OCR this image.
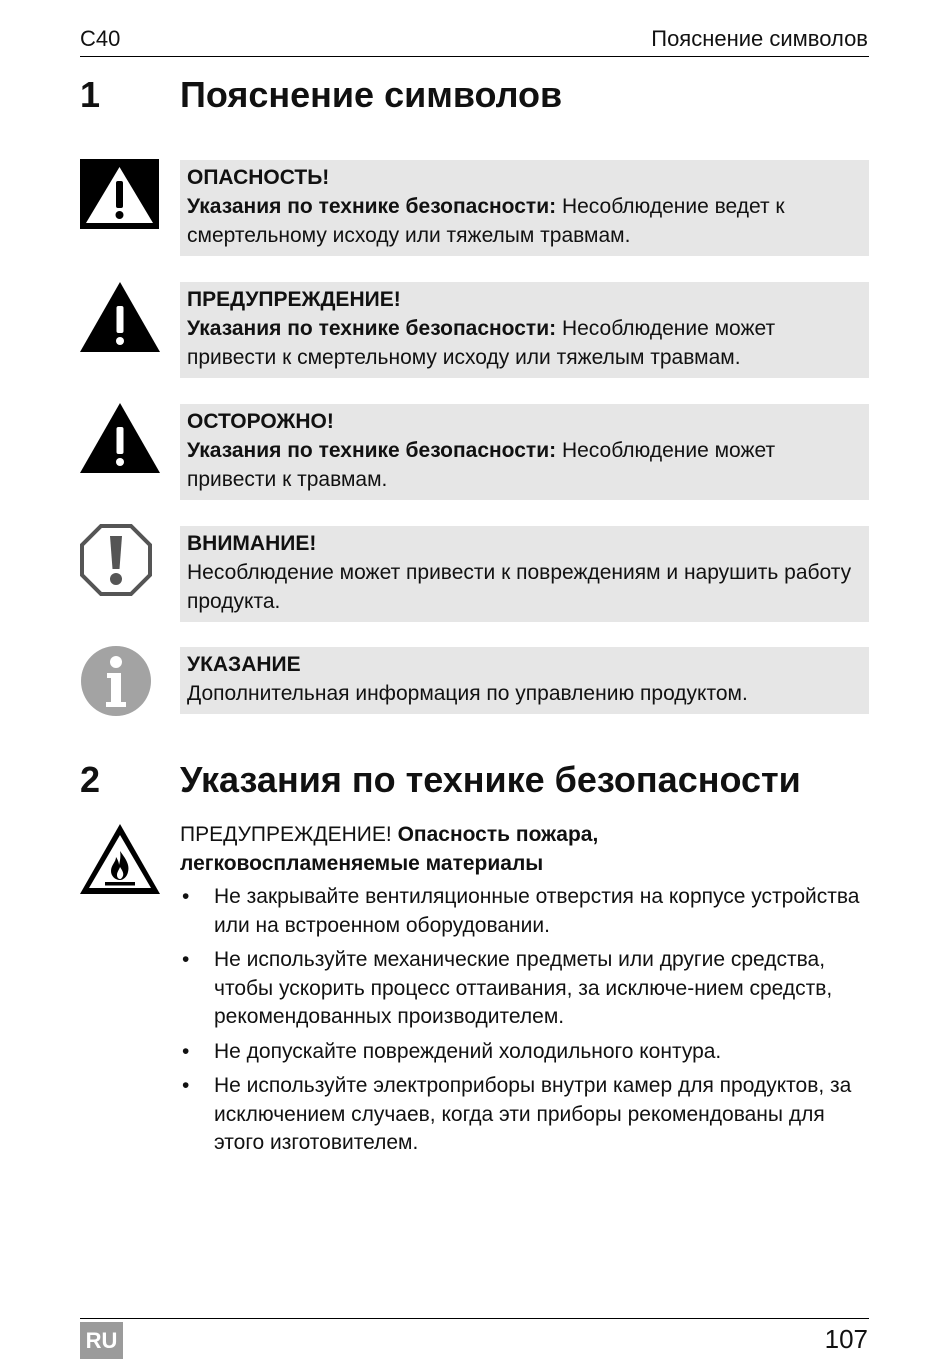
C40	Пояснение символов
1 Пояснение символов
ОПАСНОСТЬ!
Указания по технике безопасности: Несоблюдение ведет к смертельному исходу или тяжелым травмам.
ПРЕДУПРЕЖДЕНИЕ!
Указания по технике безопасности: Несоблюдение может привести к смертельному исходу или тяжелым травмам.
ОСТОРОЖНО!
Указания по технике безопасности: Несоблюдение может привести к травмам.
ВНИМАНИЕ!
Несоблюдение может привести к повреждениям и нарушить работу продукта.
УКАЗАНИЕ
Дополнительная информация по управлению продуктом.
2 Указания по технике безопасности
ПРЕДУПРЕЖДЕНИЕ! Опасность пожара,
легковоспламеняемые материалы
• Не закрывайте вентиляционные отверстия на корпусе устройства или на встроенном оборудовании.
• Не используйте механические предметы или другие средства, чтобы ускорить процесс оттаивания, за исключе-нием средств, рекомендованных производителем.
• Не допускайте повреждений холодильного контура.
• Не используйте электроприборы внутри камер для продуктов, за исключением случаев, когда эти приборы рекомендованы для этого изготовителем.
RU	107
